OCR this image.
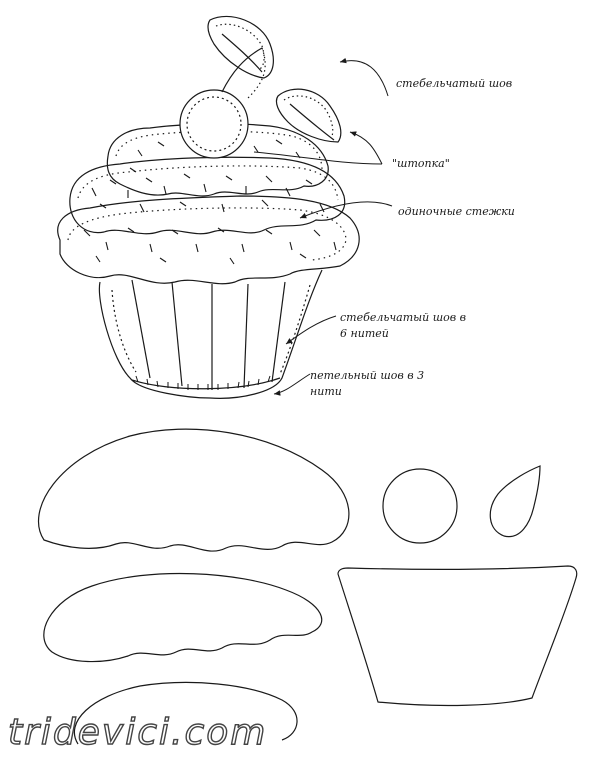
стебельчатый шов
"штопка"
одиночные стежки
стебельчатый шов в
6 нитей
петельный шов в 3
нити
tridevici.com
